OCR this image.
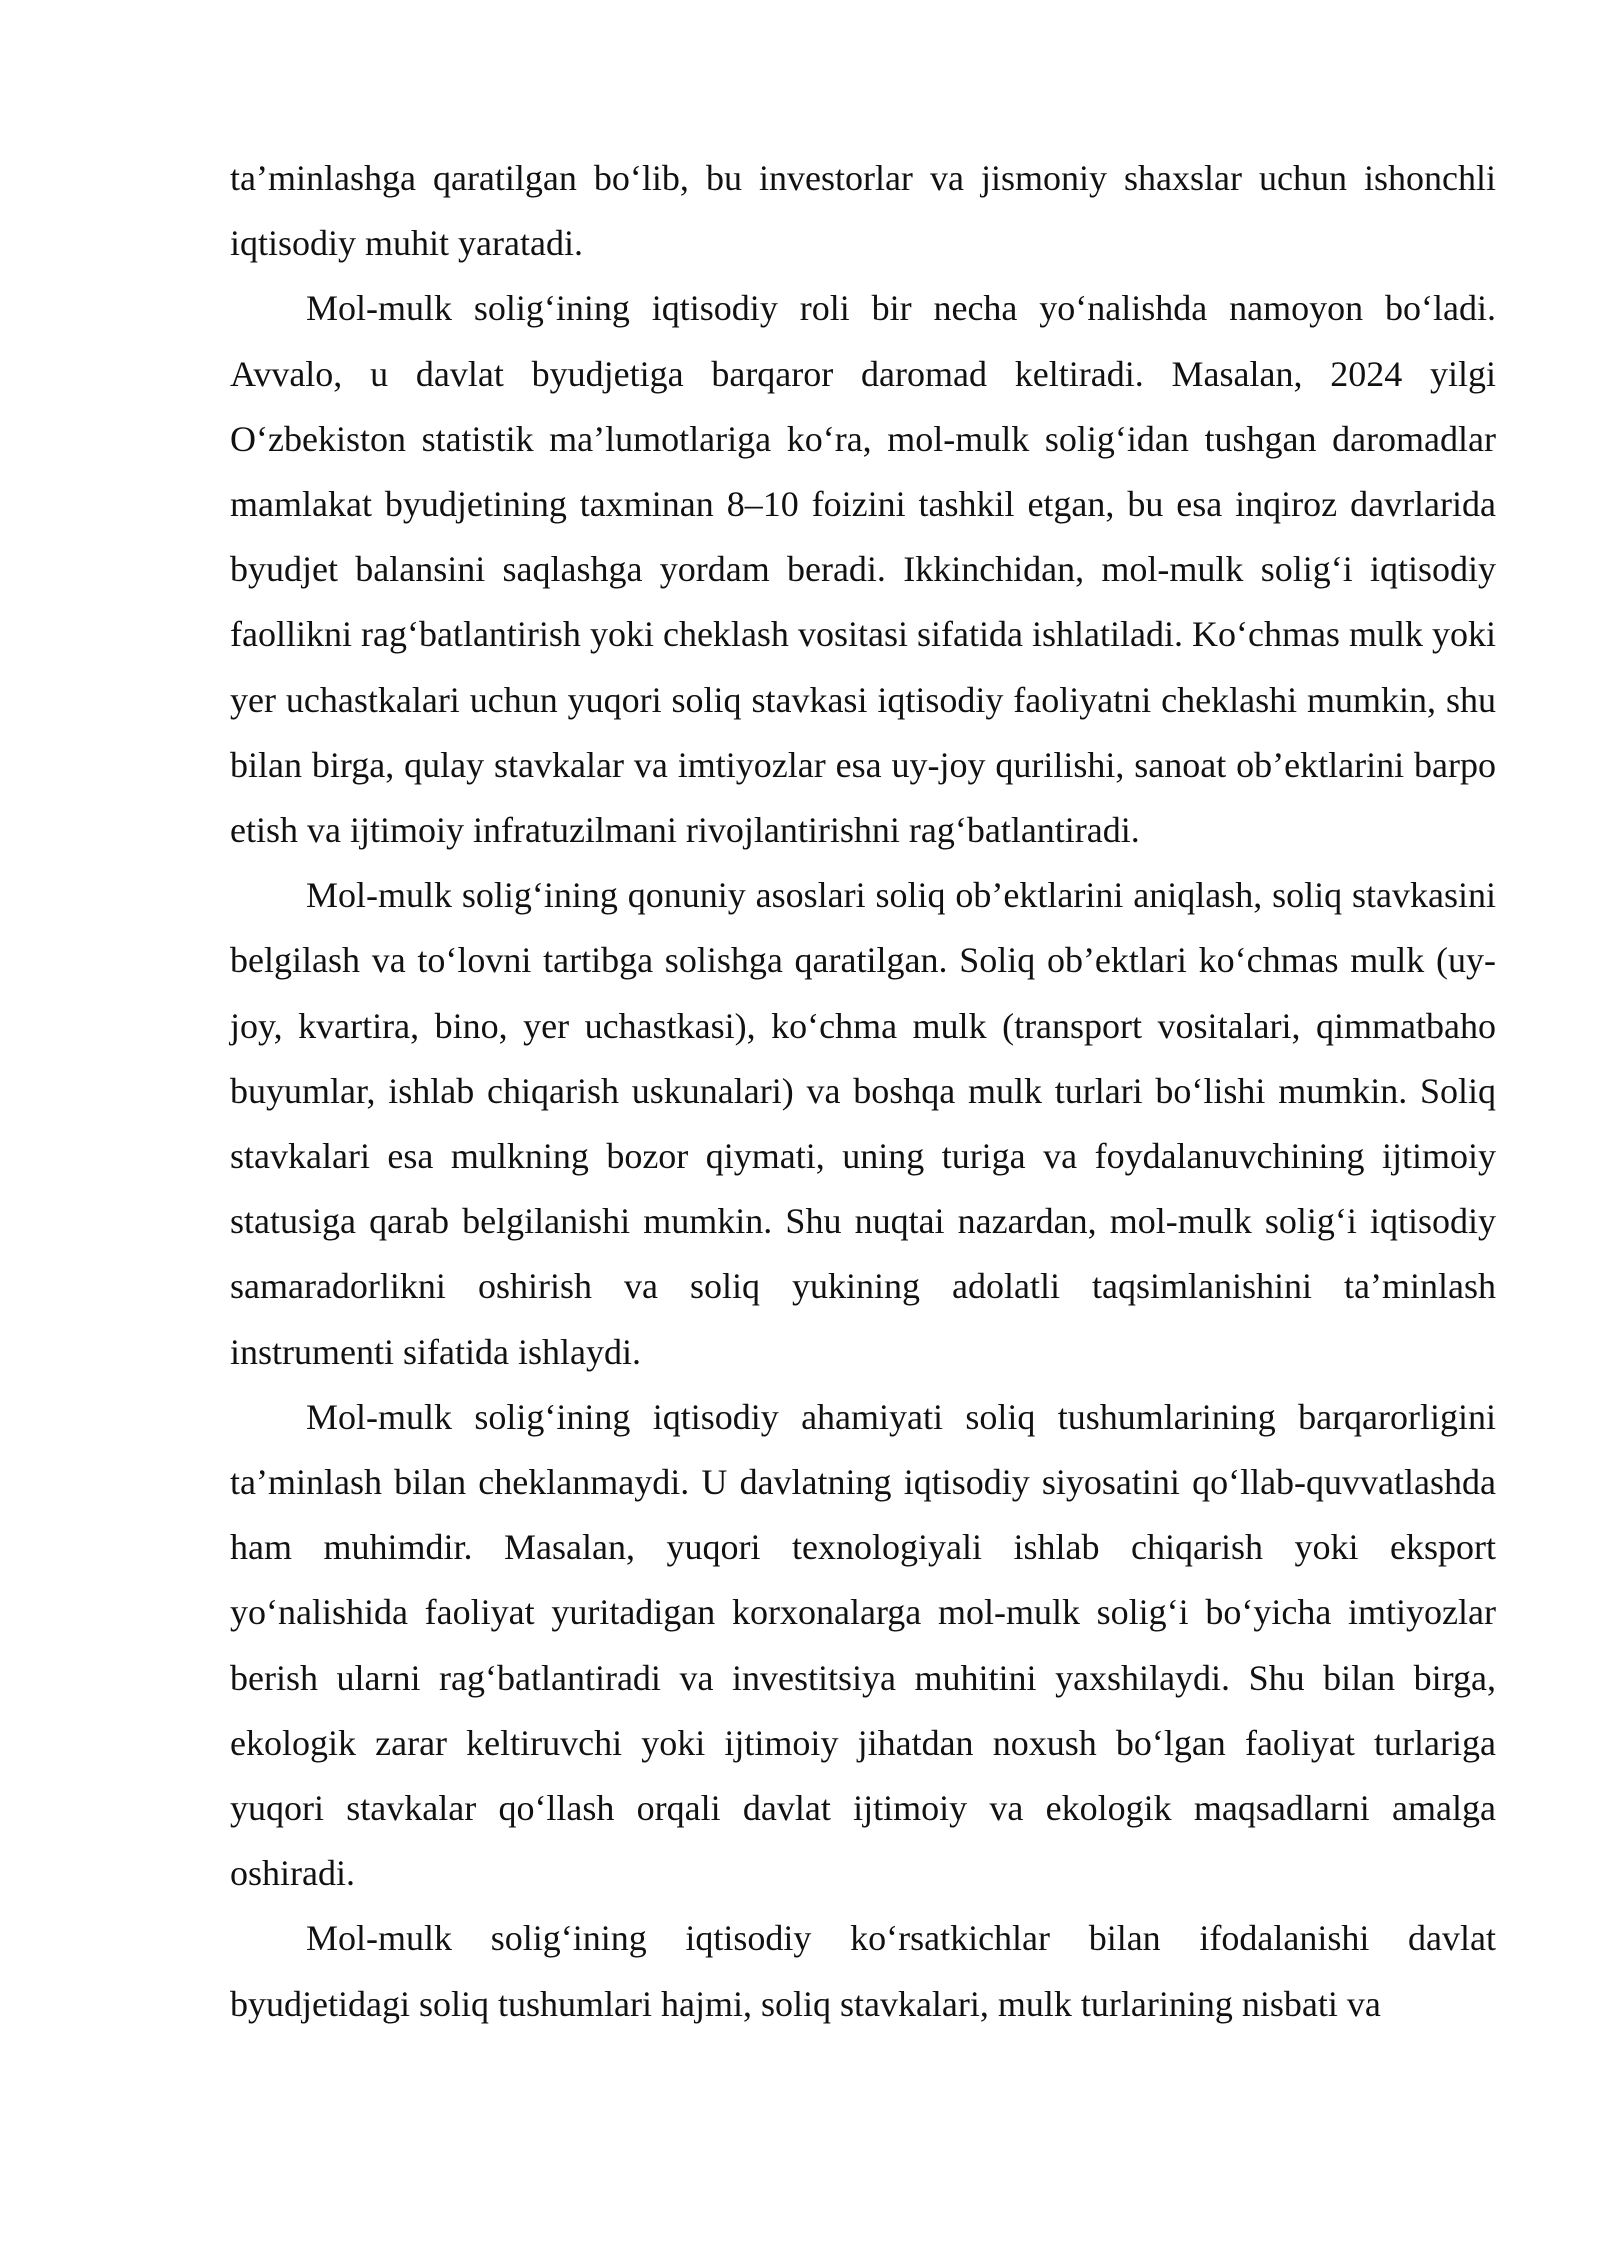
ta’minlashga qaratilgan bo‘lib, bu investorlar va jismoniy shaxslar uchun ishonchli iqtisodiy muhit yaratadi.

Mol-mulk solig‘ining iqtisodiy roli bir necha yo‘nalishda namoyon bo‘ladi. Avvalo, u davlat byudjetiga barqaror daromad keltiradi. Masalan, 2024 yilgi O‘zbekiston statistik ma’lumotlariga ko‘ra, mol-mulk solig‘idan tushgan daromadlar mamlakat byudjetining taxminan 8–10 foizini tashkil etgan, bu esa inqiroz davrlarida byudjet balansini saqlashga yordam beradi. Ikkinchidan, mol-mulk solig‘i iqtisodiy faollikni rag‘batlantirish yoki cheklash vositasi sifatida ishlatiladi. Ko‘chmas mulk yoki yer uchastkalari uchun yuqori soliq stavkasi iqtisodiy faoliyatni cheklashi mumkin, shu bilan birga, qulay stavkalar va imtiyozlar esa uy-joy qurilishi, sanoat ob’ektlarini barpo etish va ijtimoiy infratuzilmani rivojlantirishni rag‘batlantiradi.

Mol-mulk solig‘ining qonuniy asoslari soliq ob’ektlarini aniqlash, soliq stavkasini belgilash va to‘lovni tartibga solishga qaratilgan. Soliq ob’ektlari ko‘chmas mulk (uy-joy, kvartira, bino, yer uchastkasi), ko‘chma mulk (transport vositalari, qimmatbaho buyumlar, ishlab chiqarish uskunalari) va boshqa mulk turlari bo‘lishi mumkin. Soliq stavkalari esa mulkning bozor qiymati, uning turiga va foydalanuvchining ijtimoiy statusiga qarab belgilanishi mumkin. Shu nuqtai nazardan, mol-mulk solig‘i iqtisodiy samaradorlikni oshirish va soliq yukining adolatli taqsimlanishini ta’minlash instrumenti sifatida ishlaydi.

Mol-mulk solig‘ining iqtisodiy ahamiyati soliq tushumlarining barqarorligini ta’minlash bilan cheklanmaydi. U davlatning iqtisodiy siyosatini qo‘llab-quvvatlashda ham muhimdir. Masalan, yuqori texnologiyali ishlab chiqarish yoki eksport yo‘nalishida faoliyat yuritadigan korxonalarga mol-mulk solig‘i bo‘yicha imtiyozlar berish ularni rag‘batlantiradi va investitsiya muhitini yaxshilaydi. Shu bilan birga, ekologik zarar keltiruvchi yoki ijtimoiy jihatdan noxush bo‘lgan faoliyat turlariga yuqori stavkalar qo‘llash orqali davlat ijtimoiy va ekologik maqsadlarni amalga oshiradi.

Mol-mulk solig‘ining iqtisodiy ko‘rsatkichlar bilan ifodalanishi davlat byudjetidagi soliq tushumlari hajmi, soliq stavkalari, mulk turlarining nisbati va
